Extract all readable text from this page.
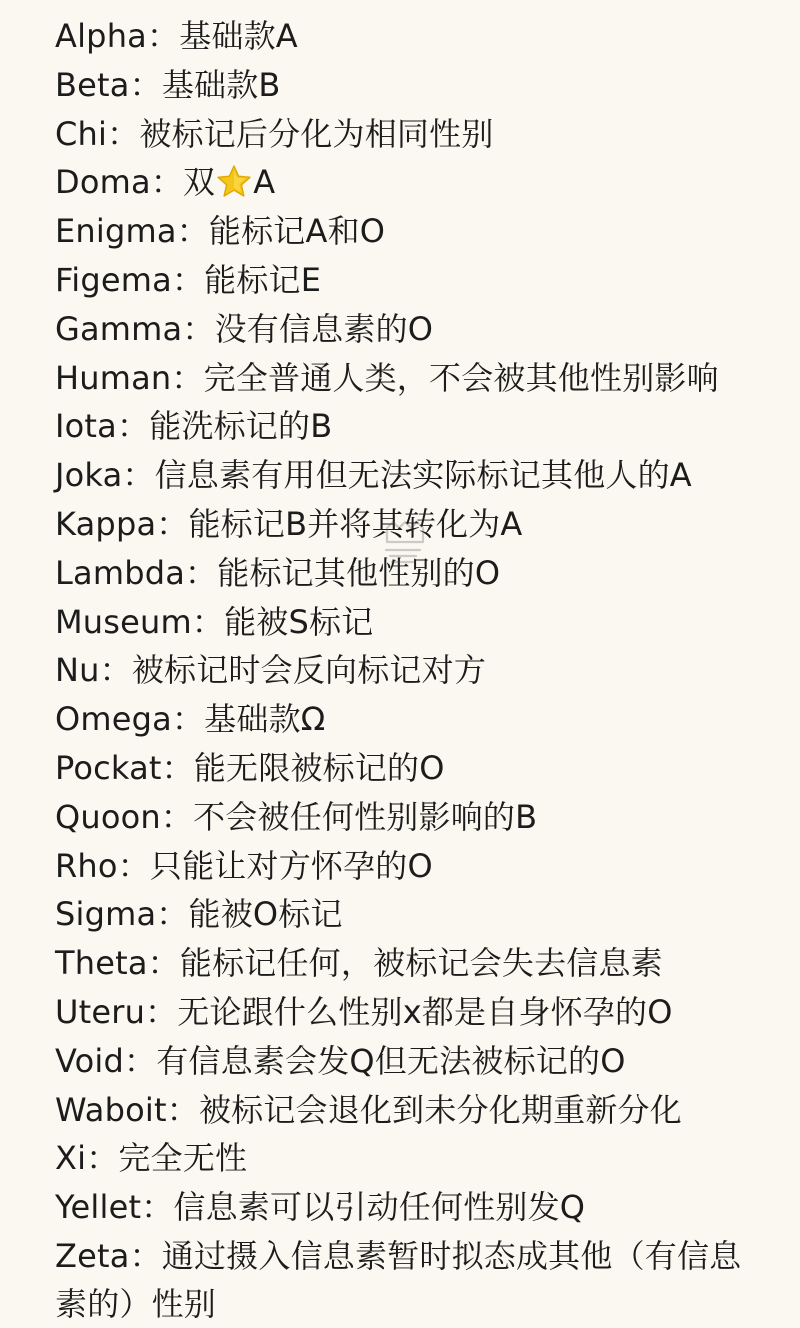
Alpha：基础款A
Beta：基础款B
Chi：被标记后分化为相同性别
Doma：双 A
Enigma：能标记A和O
Figema：能标记E
Gamma：没有信息素的O
Human：完全普通人类，不会被其他性别影响
Iota：能洗标记的B
Joka：信息素有用但无法实际标记其他人的A
Kappa：能标记B并将其转化为A
Lambda：能标记其他性别的O
Museum：能被S标记
Nu：被标记时会反向标记对方
Omega：基础款Ω
Pockat：能无限被标记的O
Quoon：不会被任何性别影响的B
Rho：只能让对方怀孕的O
Sigma：能被O标记
Theta：能标记任何，被标记会失去信息素
Uteru：无论跟什么性别x都是自身怀孕的O
Void：有信息素会发Q但无法被标记的O
Waboit：被标记会退化到未分化期重新分化
Xi：完全无性
Yellet：信息素可以引动任何性别发Q
Zeta：通过摄入信息素暂时拟态成其他（有信息素的）性别
